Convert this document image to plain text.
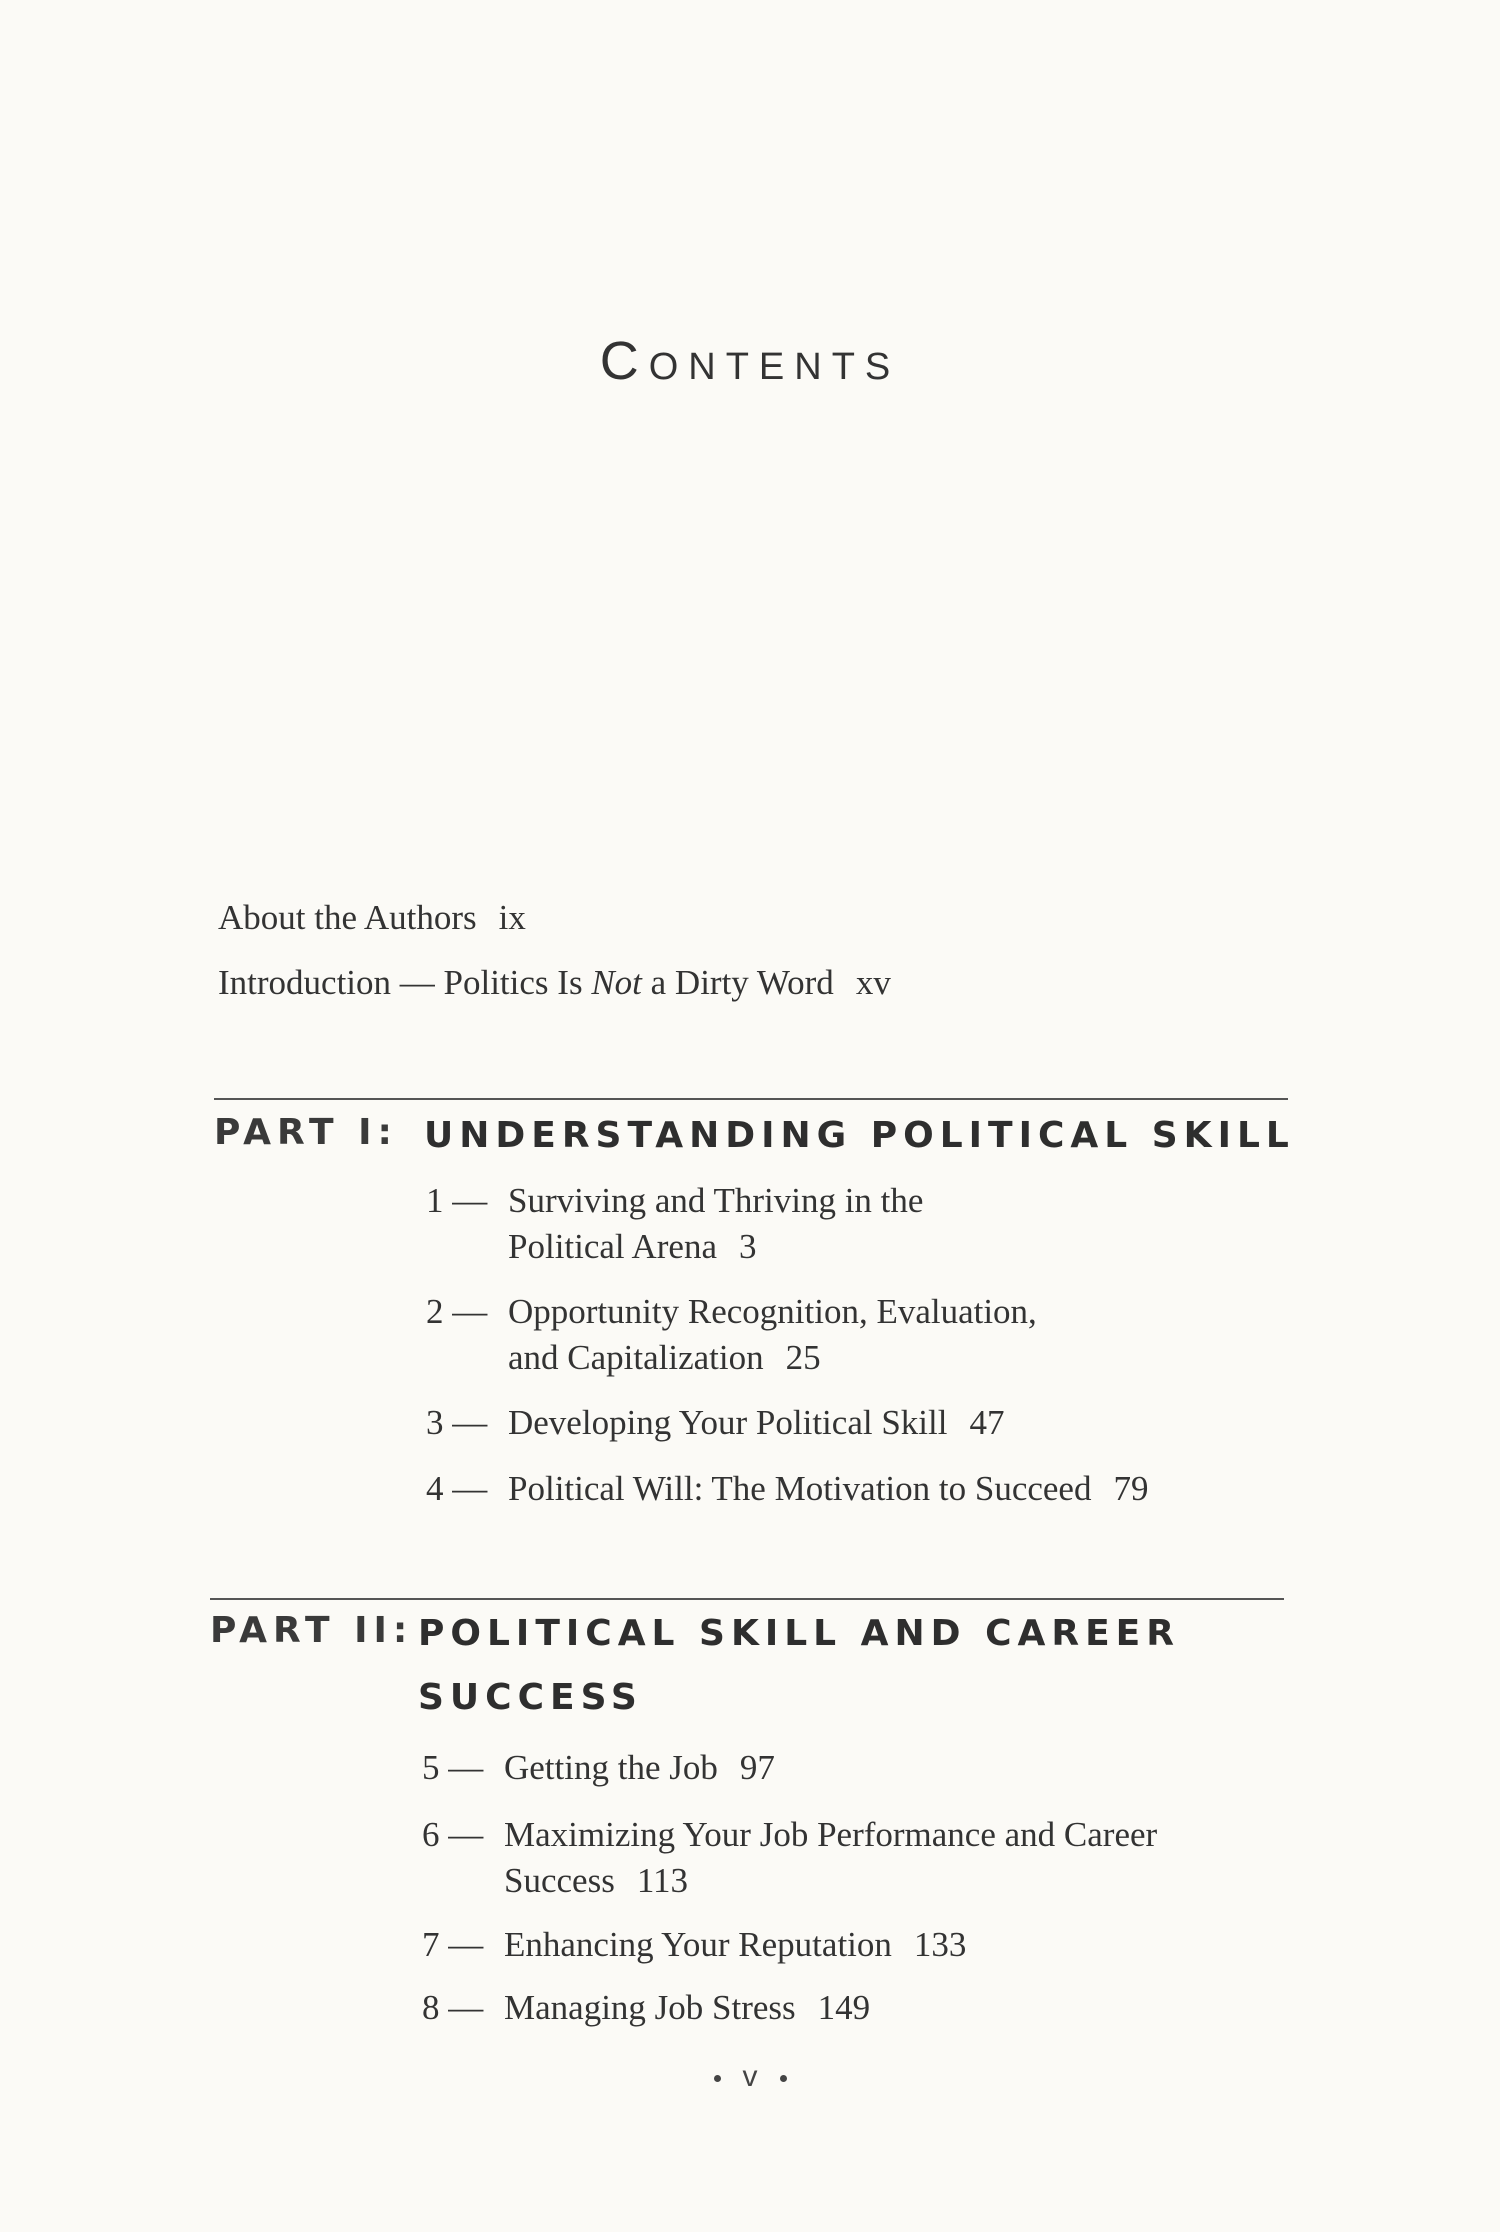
Contents
About the Authors ix
Introduction — Politics Is Not a Dirty Word xv
PART I: UNDERSTANDING POLITICAL SKILL
1 — Surviving and Thriving in the
Political Arena 3
2 — Opportunity Recognition, Evaluation,
and Capitalization 25
3 — Developing Your Political Skill 47
4 — Political Will: The Motivation to Succeed 79
PART II: POLITICAL SKILL AND CAREER
SUCCESS
5 — Getting the Job 97
6 — Maximizing Your Job Performance and Career
Success 113
7 — Enhancing Your Reputation 133
8 — Managing Job Stress 149
v
